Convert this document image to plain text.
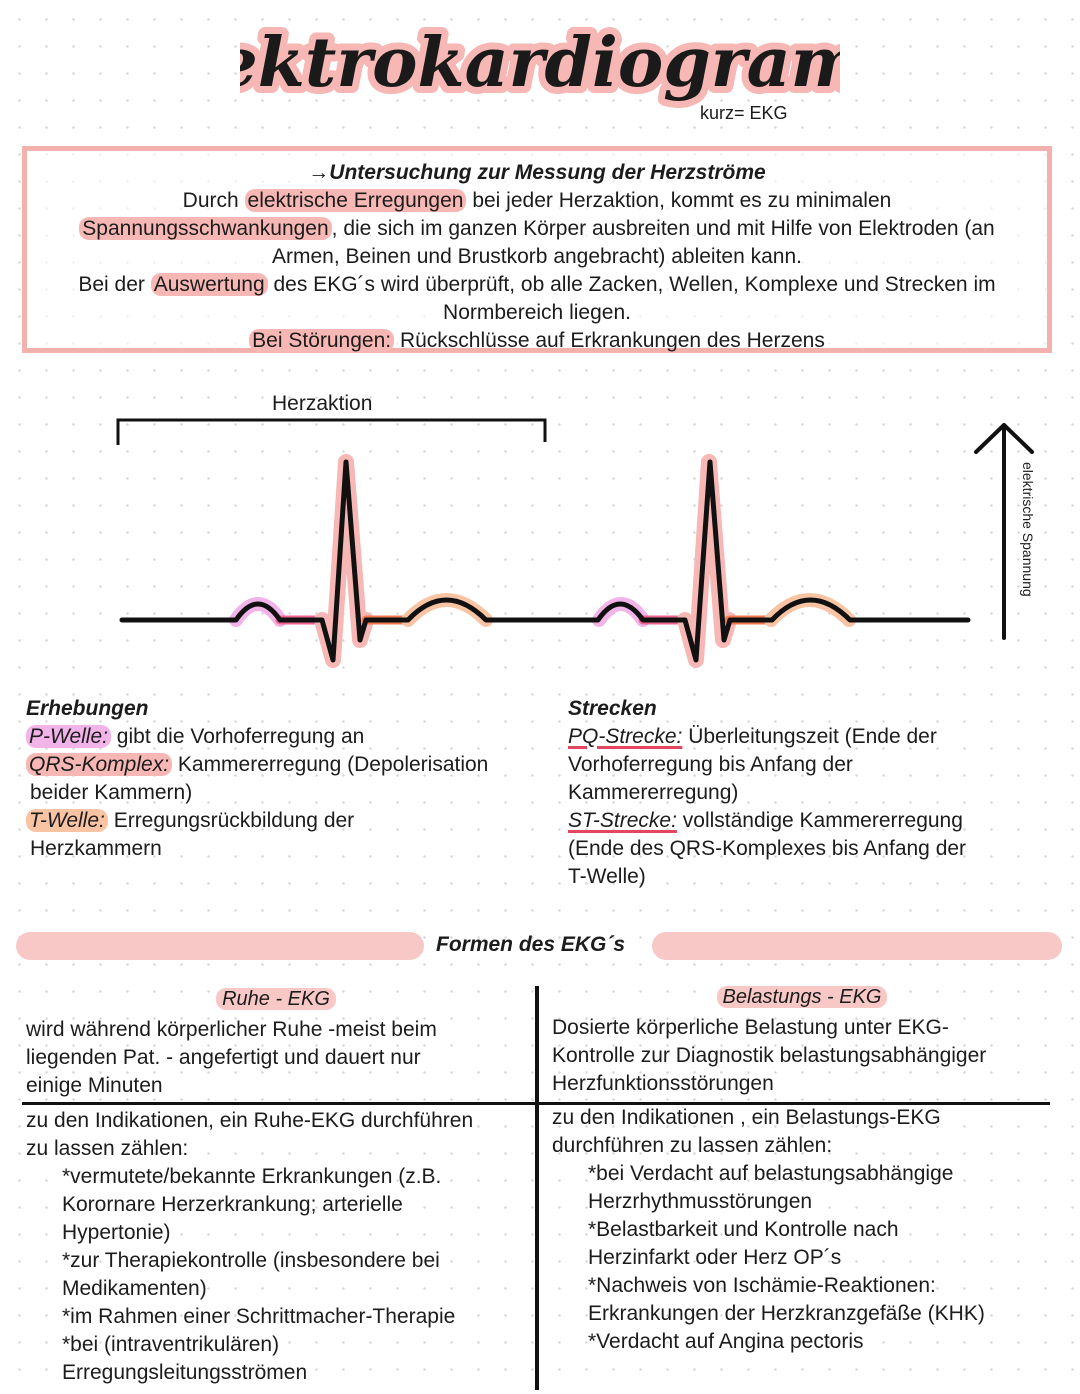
ktrokardiogra
ktrokardiogra
kurz= EKG
→Untersuchung zur Messung der Herzströme
Durch elektrische Erregungen bei jeder Herzaktion, kommt es zu minimalen
Spannungsschwankungen , die sich im ganzen Körper ausbreiten und mit Hilfe von Elektroden (an
Armen, Beinen und Brustkorb angebracht) ableiten kann.
Bei der Auswertung des EKG´s wird überprüft, ob alle Zacken, Wellen, Komplexe und Strecken im
Normbereich liegen.
Bei Störungen: Rückschlüsse auf Erkrankungen des Herzens
Herzaktion
elektrische Spannung
Erhebungen
P-Welle: gibt die Vorhoferregung an
QRS-Komplex: Kammererregung (Depolerisation
beider Kammern)
T-Welle: Erregungsrückbildung der
Herzkammern
Strecken
PQ-Strecke: Überleitungszeit (Ende der
Vorhoferregung bis Anfang der
Kammererregung)
ST-Strecke: vollständige Kammererregung
(Ende des QRS-Komplexes bis Anfang der
T-Welle)
Formen des EKG´s
Ruhe - EKG	Belastungs - EKG
wird während körperlicher Ruhe -meist beim
liegenden Pat. - angefertigt und dauert nur
einige Minuten
Dosierte körperliche Belastung unter EKG-
Kontrolle zur Diagnostik belastungsabhängiger
Herzfunktionsstörungen
zu den Indikationen, ein Ruhe-EKG durchführen
zu lassen zählen:
*vermutete/bekannte Erkrankungen (z.B.
Korornare Herzerkrankung; arterielle
Hypertonie)
*zur Therapiekontrolle (insbesondere bei
Medikamenten)
*im Rahmen einer Schrittmacher-Therapie
*bei (intraventrikulären)
Erregungsleitungsströmen
zu den Indikationen , ein Belastungs-EKG
durchführen zu lassen zählen:
*bei Verdacht auf belastungsabhängige
Herzrhythmusstörungen
*Belastbarkeit und Kontrolle nach
Herzinfarkt oder Herz OP´s
*Nachweis von Ischämie-Reaktionen:
Erkrankungen der Herzkranzgefäße (KHK)
*Verdacht auf Angina pectoris
